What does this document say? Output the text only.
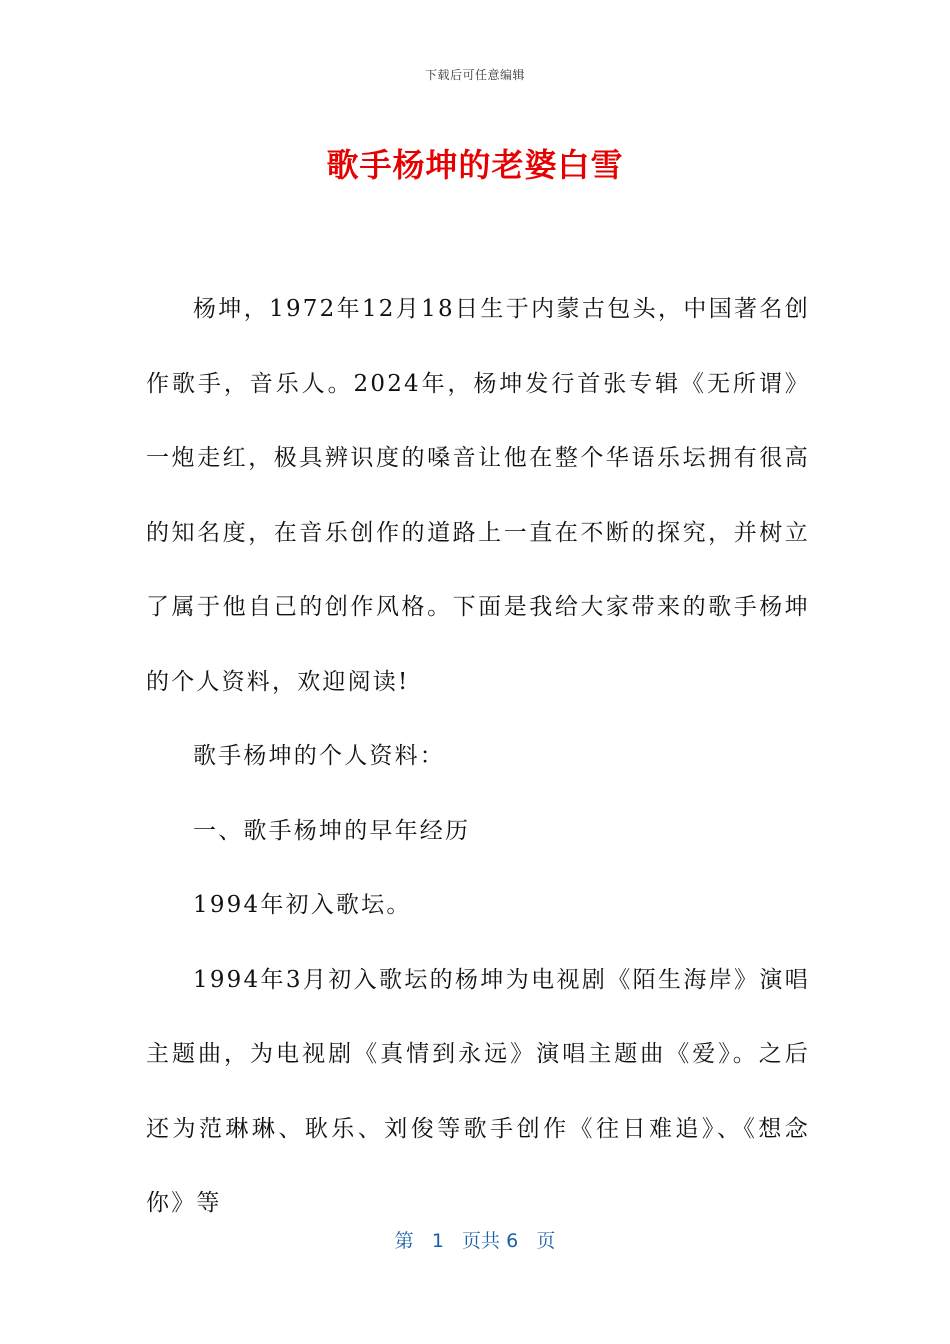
下载后可任意编辑
歌手杨坤的老婆白雪

杨坤，1972年12月18日生于内蒙古包头，中国著名创作歌手，音乐人。2024年，杨坤发行首张专辑《无所谓》一炮走红，极具辨识度的嗓音让他在整个华语乐坛拥有很高的知名度，在音乐创作的道路上一直在不断的探究，并树立了属于他自己的创作风格。下面是我给大家带来的歌手杨坤的个人资料，欢迎阅读!

歌手杨坤的个人资料：

一、歌手杨坤的早年经历

1994年初入歌坛。

1994年3月初入歌坛的杨坤为电视剧《陌生海岸》演唱主题曲，为电视剧《真情到永远》演唱主题曲《爱》。之后还为范琳琳、耿乐、刘俊等歌手创作《往日难追》、《想念你》等

第 1 页共 6 页
